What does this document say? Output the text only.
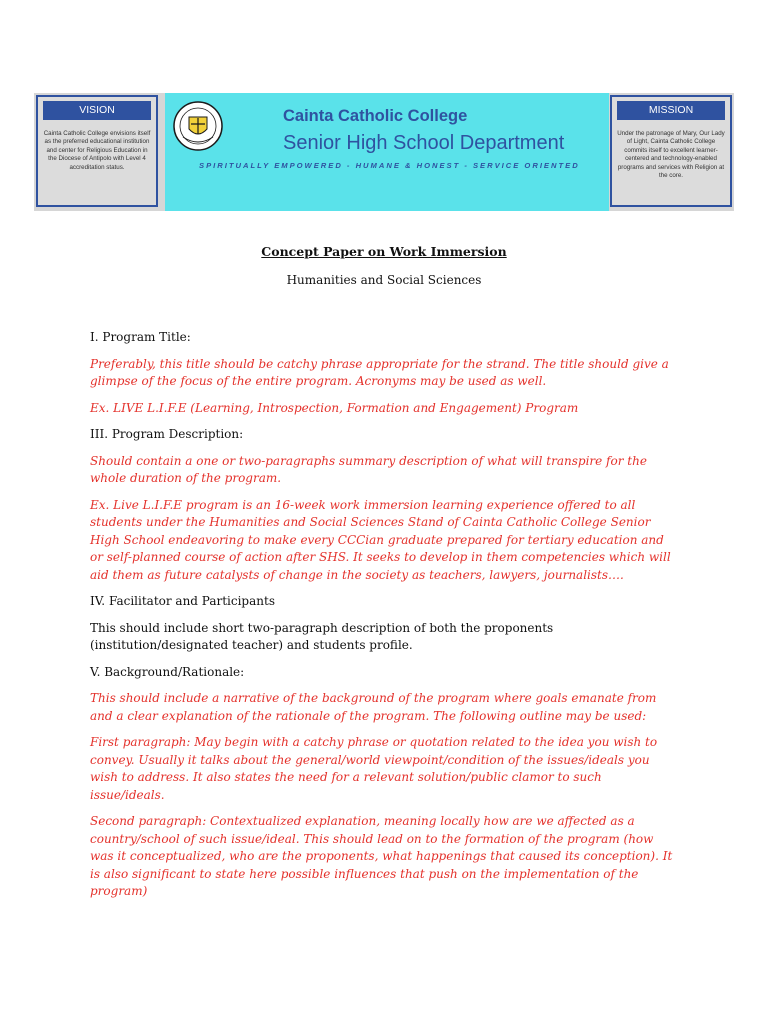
VISION
Cainta Catholic College envisions itself as the preferred educational institution and center for Religious Education in the Diocese of Antipolo with Level 4 accreditation status.
Cainta Catholic College
Senior High School Department
SPIRITUALLY EMPOWERED - HUMANE & HONEST - SERVICE ORIENTED
MISSION
Under the patronage of Mary, Our Lady of Light, Cainta Catholic College commits itself to excellent learner-centered and technology-enabled programs and services with Religion at the core.
Concept Paper on Work Immersion
Humanities and Social Sciences

I. Program Title:

Preferably, this title should be catchy phrase appropriate for the strand. The title should give a glimpse of the focus of the entire program. Acronyms may be used as well.

Ex. LIVE L.I.F.E (Learning, Introspection, Formation and Engagement) Program

III. Program Description:

Should contain a one or two-paragraphs summary description of what will transpire for the whole duration of the program.

Ex. Live L.I.F.E program is an 16-week work immersion learning experience offered to all students under the Humanities and Social Sciences Stand of Cainta Catholic College Senior High School endeavoring to make every CCCian graduate prepared for tertiary education and or self-planned course of action after SHS. It seeks to develop in them competencies which will aid them as future catalysts of change in the society as teachers, lawyers, journalists….

IV. Facilitator and Participants

This should include short two-paragraph description of both the proponents (institution/designated teacher) and students profile.

V. Background/Rationale:

This should include a narrative of the background of the program where goals emanate from and a clear explanation of the rationale of the program. The following outline may be used:

First paragraph: May begin with a catchy phrase or quotation related to the idea you wish to convey. Usually it talks about the general/world viewpoint/condition of the issues/ideals you wish to address. It also states the need for a relevant solution/public clamor to such issue/ideals.

Second paragraph: Contextualized explanation, meaning locally how are we affected as a country/school of such issue/ideal. This should lead on to the formation of the program (how was it conceptualized, who are the proponents, what happenings that caused its conception). It is also significant to state here possible influences that push on the implementation of the program)
